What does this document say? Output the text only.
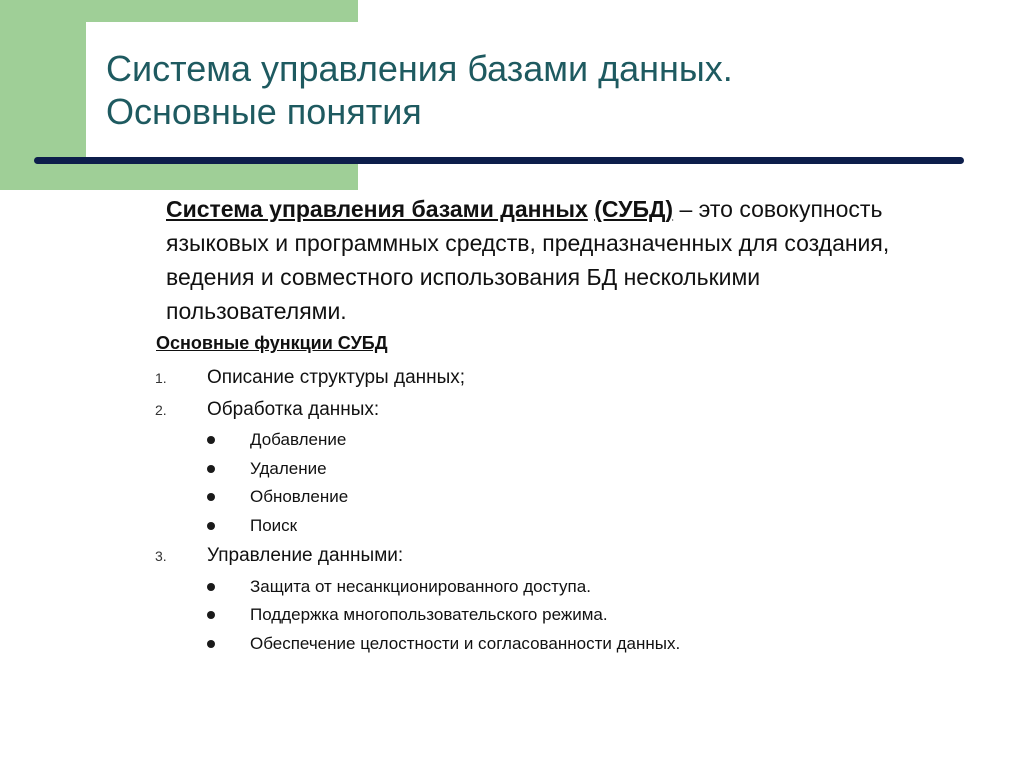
Система управления базами данных.
Основные понятия

Система управления базами данных (СУБД) – это совокупность языковых и программных средств, предназначенных для создания, ведения и совместного использования БД несколькими пользователями.

Основные функции СУБД

1. Описание структуры данных;
2. Обработка данных:
Добавление
Удаление
Обновление
Поиск
3. Управление данными:
Защита от несанкционированного доступа.
Поддержка многопользовательского режима.
Обеспечение целостности и согласованности данных.
